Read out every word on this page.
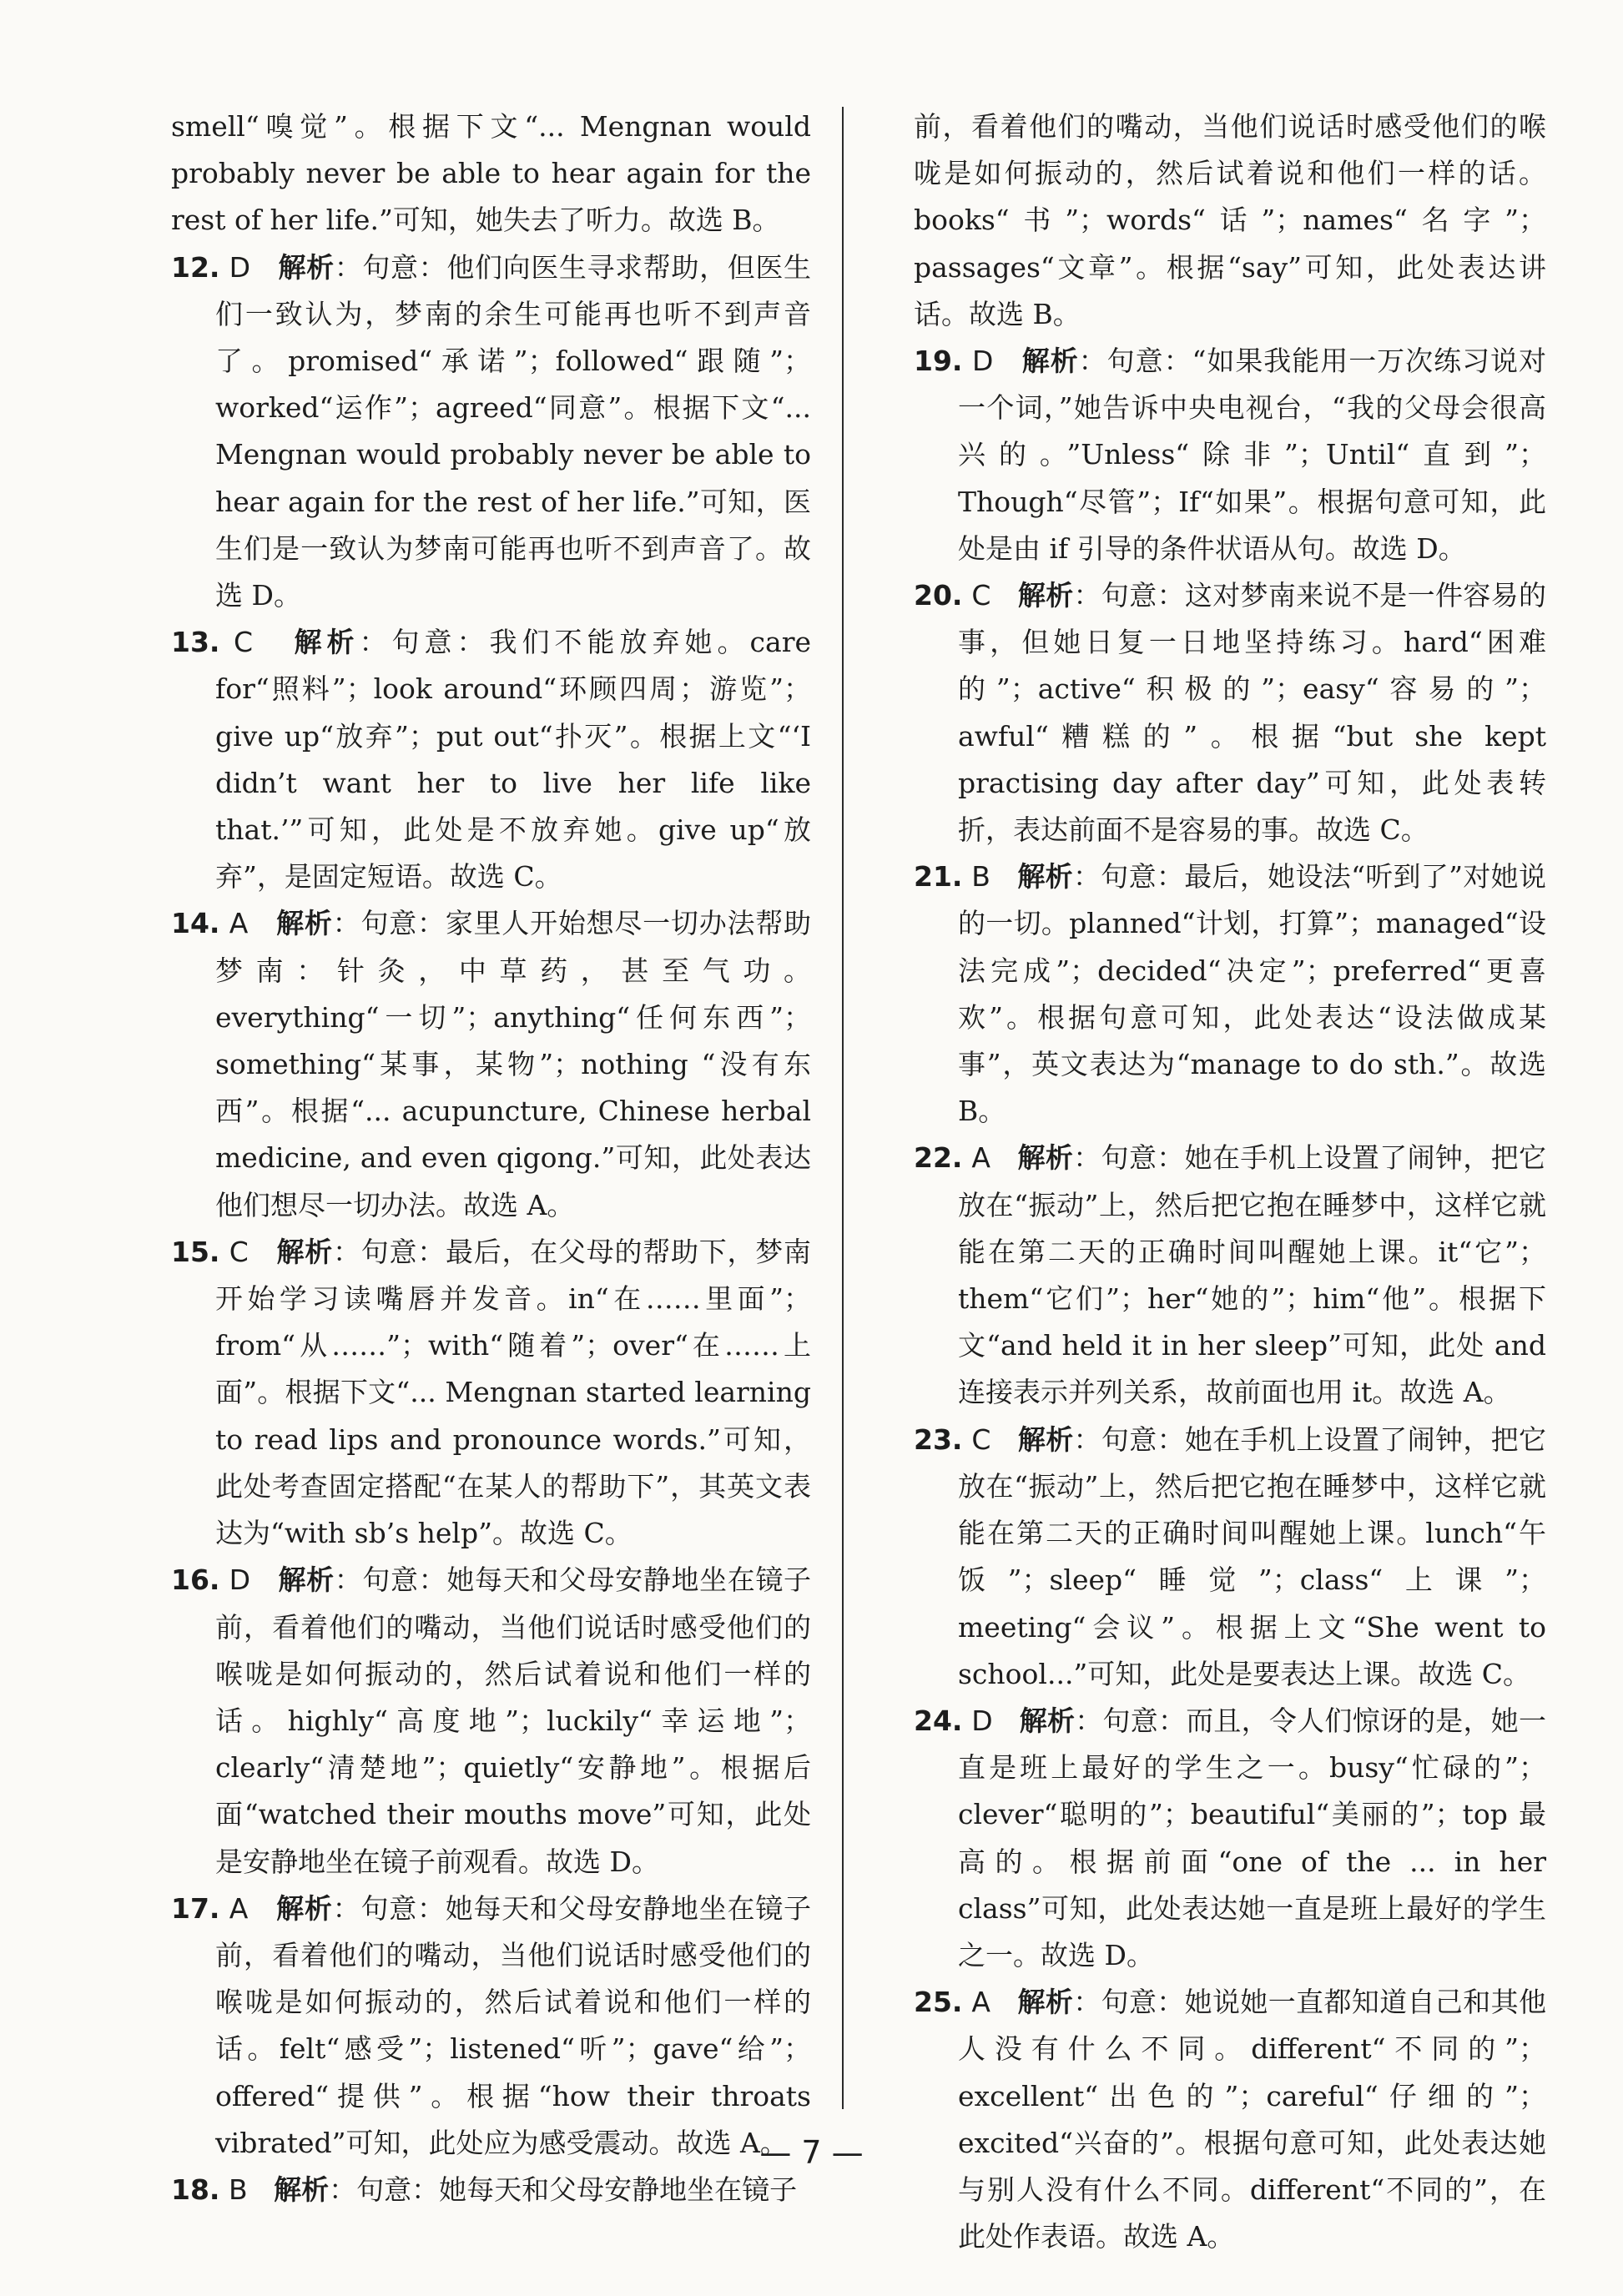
smell“嗅觉”。根据下文“... Mengnan would probably never be able to hear again for the rest of her life.”可知，她失去了听力。故选 B。

12. D 解析：句意：他们向医生寻求帮助，但医生们一致认为，梦南的余生可能再也听不到声音了。promised“承诺”；followed“跟随”；worked“运作”；agreed“同意”。根据下文“... Mengnan would probably never be able to hear again for the rest of her life.”可知，医生们是一致认为梦南可能再也听不到声音了。故选 D。

13. C 解析：句意：我们不能放弃她。care for“照料”；look around“环顾四周；游览”；give up“放弃”；put out“扑灭”。根据上文“‘I didn’t want her to live her life like that.’”可知，此处是不放弃她。give up“放弃”，是固定短语。故选 C。

14. A 解析：句意：家里人开始想尽一切办法帮助梦南：针灸，中草药，甚至气功。everything“一切”；anything“任何东西”；something“某事，某物”；nothing “没有东西”。根据“... acupuncture, Chinese herbal medicine, and even qigong.”可知，此处表达他们想尽一切办法。故选 A。

15. C 解析：句意：最后，在父母的帮助下，梦南开始学习读嘴唇并发音。in“在……里面”；from“从……”；with“随着”；over“在……上面”。根据下文“... Mengnan started learning to read lips and pronounce words.”可知，此处考查固定搭配“在某人的帮助下”，其英文表达为“with sb’s help”。故选 C。

16. D 解析：句意：她每天和父母安静地坐在镜子前，看着他们的嘴动，当他们说话时感受他们的喉咙是如何振动的，然后试着说和他们一样的话。highly“高度地”；luckily“幸运地”；clearly“清楚地”；quietly“安静地”。根据后面“watched their mouths move”可知，此处是安静地坐在镜子前观看。故选 D。

17. A 解析：句意：她每天和父母安静地坐在镜子前，看着他们的嘴动，当他们说话时感受他们的喉咙是如何振动的，然后试着说和他们一样的话。felt“感受”；listened“听”；gave“给”；offered“提供”。根据“how their throats vibrated”可知，此处应为感受震动。故选 A。

18. B 解析：句意：她每天和父母安静地坐在镜子

前，看着他们的嘴动，当他们说话时感受他们的喉咙是如何振动的，然后试着说和他们一样的话。books“书”；words“话”；names“名字”；passages“文章”。根据“say”可知，此处表达讲话。故选 B。

19. D 解析：句意：“如果我能用一万次练习说对一个词，”她告诉中央电视台，“我的父母会很高兴的。”Unless“除非”；Until“直到”；Though“尽管”；If“如果”。根据句意可知，此处是由 if 引导的条件状语从句。故选 D。

20. C 解析：句意：这对梦南来说不是一件容易的事，但她日复一日地坚持练习。hard“困难的”；active“积极的”；easy“容易的”；awful“糟糕的”。根据“but she kept practising day after day”可知，此处表转折，表达前面不是容易的事。故选 C。

21. B 解析：句意：最后，她设法“听到了”对她说的一切。planned“计划，打算”；managed“设法完成”；decided“决定”；preferred“更喜欢”。根据句意可知，此处表达“设法做成某事”，英文表达为“manage to do sth.”。故选 B。

22. A 解析：句意：她在手机上设置了闹钟，把它放在“振动”上，然后把它抱在睡梦中，这样它就能在第二天的正确时间叫醒她上课。it“它”；them“它们”；her“她的”；him“他”。根据下文“and held it in her sleep”可知，此处 and 连接表示并列关系，故前面也用 it。故选 A。

23. C 解析：句意：她在手机上设置了闹钟，把它放在“振动”上，然后把它抱在睡梦中，这样它就能在第二天的正确时间叫醒她上课。lunch“午饭”；sleep“睡觉”；class“上课”；meeting“会议”。根据上文“She went to school...”可知，此处是要表达上课。故选 C。

24. D 解析：句意：而且，令人们惊讶的是，她一直是班上最好的学生之一。busy“忙碌的”；clever“聪明的”；beautiful“美丽的”；top 最高的。根据前面“one of the ... in her class”可知，此处表达她一直是班上最好的学生之一。故选 D。

25. A 解析：句意：她说她一直都知道自己和其他人没有什么不同。different“不同的”；excellent“出色的”；careful“仔细的”；excited“兴奋的”。根据句意可知，此处表达她与别人没有什么不同。different“不同的”，在此处作表语。故选 A。

— 7 —
